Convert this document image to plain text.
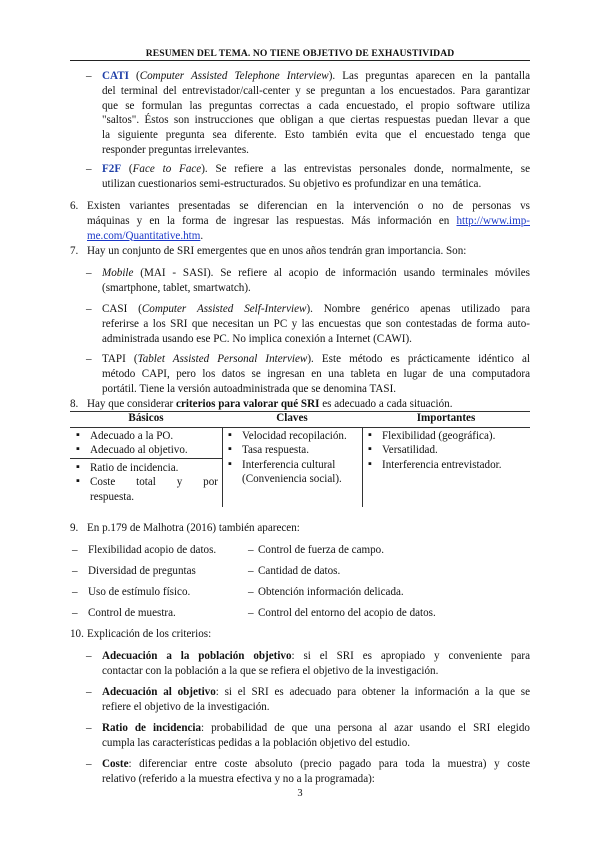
RESUMEN DEL TEMA. NO TIENE OBJETIVO DE EXHAUSTIVIDAD
– CATI (Computer Assisted Telephone Interview). Las preguntas aparecen en la pantalla
del terminal del entrevistador/call-center y se preguntan a los encuestados. Para garantizar
que se formulan las preguntas correctas a cada encuestado, el propio software utiliza
"saltos". Éstos son instrucciones que obligan a que ciertas respuestas puedan llevar a que
la siguiente pregunta sea diferente. Esto también evita que el encuestado tenga que
responder preguntas irrelevantes.
– F2F (Face to Face). Se refiere a las entrevistas personales donde, normalmente, se
utilizan cuestionarios semi-estructurados. Su objetivo es profundizar en una temática.
6. Existen variantes presentadas se diferencian en la intervención o no de personas vs
máquinas y en la forma de ingresar las respuestas. Más información en http://www.imp-
me.com/Quantitative.htm.
7. Hay un conjunto de SRI emergentes que en unos años tendrán gran importancia. Son:
– Mobile (MAI - SASI). Se refiere al acopio de información usando terminales móviles
(smartphone, tablet, smartwatch).
– CASI (Computer Assisted Self-Interview). Nombre genérico apenas utilizado para
referirse a los SRI que necesitan un PC y las encuestas que son contestadas de forma auto-
administrada usando ese PC. No implica conexión a Internet (CAWI).
– TAPI (Tablet Assisted Personal Interview). Este método es prácticamente idéntico al
método CAPI, pero los datos se ingresan en una tableta en lugar de una computadora
portátil. Tiene la versión autoadministrada que se denomina TASI.
8. Hay que considerar criterios para valorar qué SRI es adecuado a cada situación.
Básicos	Claves	Importantes
▪ Adecuado a la PO.
▪ Adecuado al objetivo.
▪ Ratio de incidencia.
▪ Coste total y por
respuesta.
▪ Velocidad recopilación.
▪ Tasa respuesta.
▪ Interferencia cultural
(Conveniencia social).
▪ Flexibilidad (geográfica).
▪ Versatilidad.
▪ Interferencia entrevistador.
9. En p.179 de Malhotra (2016) también aparecen:
– Flexibilidad acopio de datos.
– Diversidad de preguntas
– Uso de estímulo físico.
– Control de muestra.
– Control de fuerza de campo.
– Cantidad de datos.
– Obtención información delicada.
– Control del entorno del acopio de datos.
10. Explicación de los criterios:
– Adecuación a la población objetivo: si el SRI es apropiado y conveniente para
contactar con la población a la que se refiera el objetivo de la investigación.
– Adecuación al objetivo: si el SRI es adecuado para obtener la información a la que se
refiere el objetivo de la investigación.
– Ratio de incidencia: probabilidad de que una persona al azar usando el SRI elegido
cumpla las características pedidas a la población objetivo del estudio.
– Coste: diferenciar entre coste absoluto (precio pagado para toda la muestra) y coste
relativo (referido a la muestra efectiva y no a la programada):
3
